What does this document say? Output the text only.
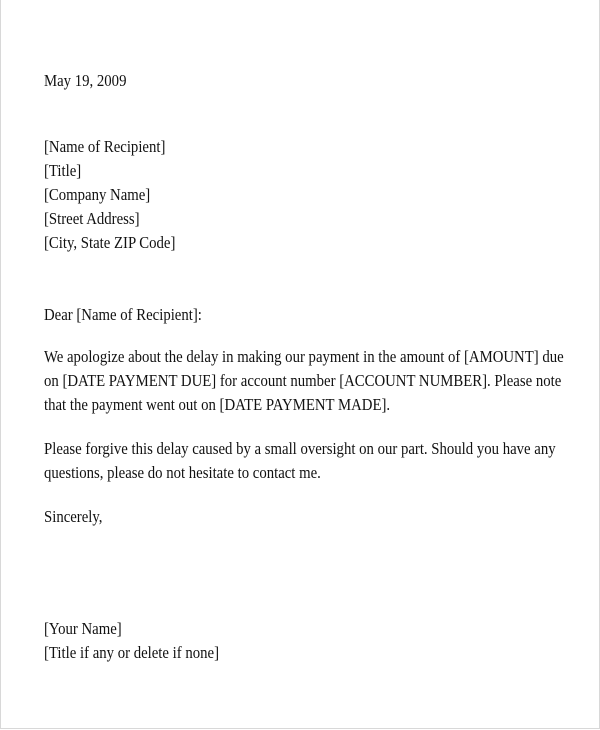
May 19, 2009
[Name of Recipient]
[Title]
[Company Name]
[Street Address]
[City, State ZIP Code]
Dear [Name of Recipient]:
We apologize about the delay in making our payment in the amount of [AMOUNT] due
on [DATE PAYMENT DUE] for account number [ACCOUNT NUMBER]. Please note
that the payment went out on [DATE PAYMENT MADE].
Please forgive this delay caused by a small oversight on our part. Should you have any
questions, please do not hesitate to contact me.
Sincerely,
[Your Name]
[Title if any or delete if none]
